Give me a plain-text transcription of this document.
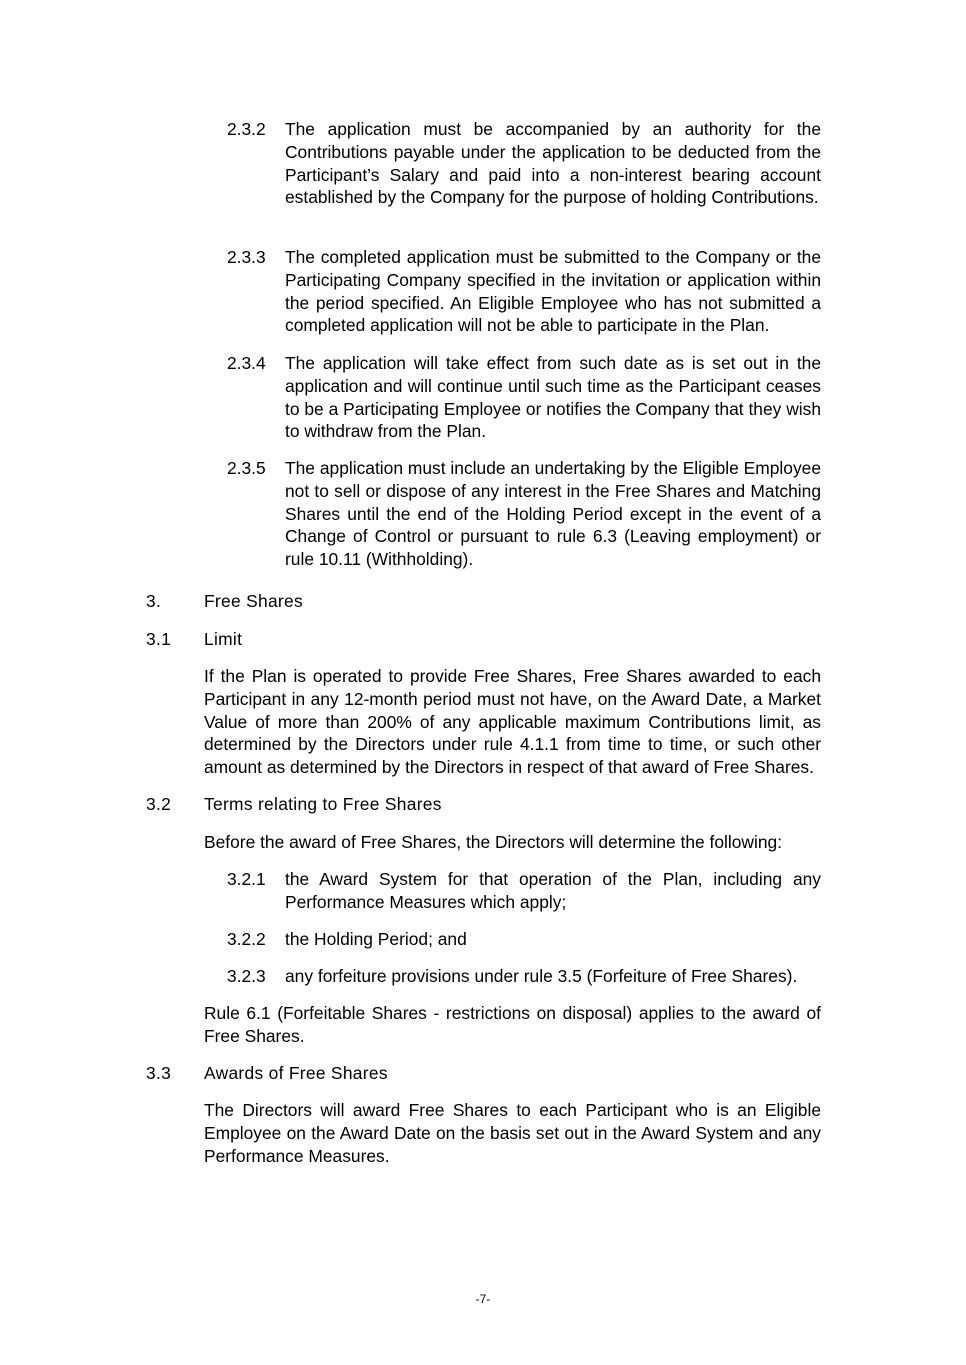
2.3.2 The application must be accompanied by an authority for the Contributions payable under the application to be deducted from the Participant’s Salary and paid into a non-interest bearing account established by the Company for the purpose of holding Contributions.
2.3.3 The completed application must be submitted to the Company or the Participating Company specified in the invitation or application within the period specified. An Eligible Employee who has not submitted a completed application will not be able to participate in the Plan.
2.3.4 The application will take effect from such date as is set out in the application and will continue until such time as the Participant ceases to be a Participating Employee or notifies the Company that they wish to withdraw from the Plan.
2.3.5 The application must include an undertaking by the Eligible Employee not to sell or dispose of any interest in the Free Shares and Matching Shares until the end of the Holding Period except in the event of a Change of Control or pursuant to rule 6.3 (Leaving employment) or rule 10.11 (Withholding).
3. Free Shares
3.1 Limit
If the Plan is operated to provide Free Shares, Free Shares awarded to each Participant in any 12-month period must not have, on the Award Date, a Market Value of more than 200% of any applicable maximum Contributions limit, as determined by the Directors under rule 4.1.1 from time to time, or such other amount as determined by the Directors in respect of that award of Free Shares.
3.2 Terms relating to Free Shares
Before the award of Free Shares, the Directors will determine the following:
3.2.1 the Award System for that operation of the Plan, including any Performance Measures which apply;
3.2.2 the Holding Period; and
3.2.3 any forfeiture provisions under rule 3.5 (Forfeiture of Free Shares).
Rule 6.1 (Forfeitable Shares - restrictions on disposal) applies to the award of Free Shares.
3.3 Awards of Free Shares
The Directors will award Free Shares to each Participant who is an Eligible Employee on the Award Date on the basis set out in the Award System and any Performance Measures.
-7-
